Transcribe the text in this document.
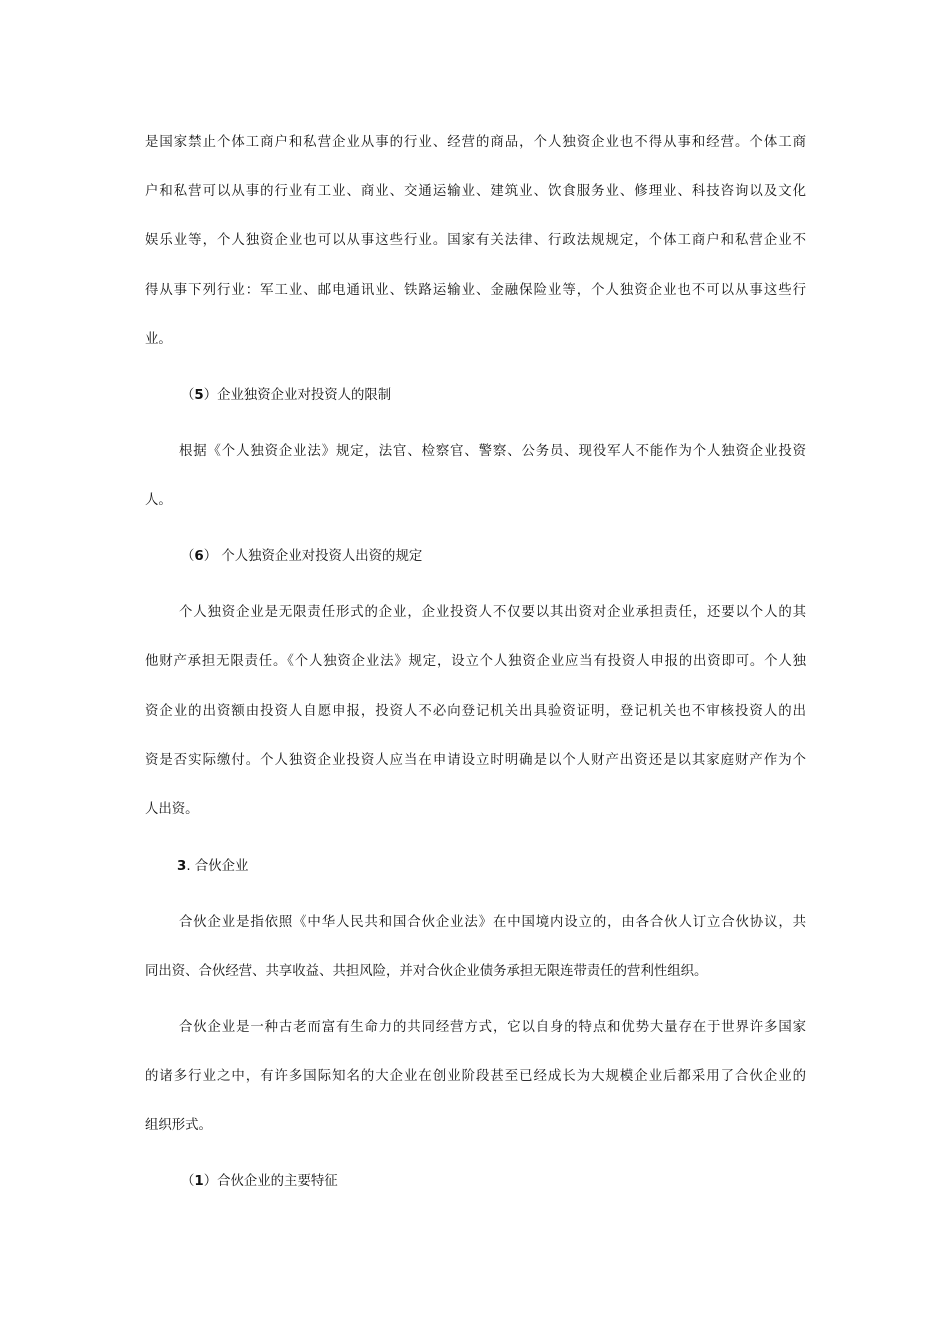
是国家禁止个体工商户和私营企业从事的行业、经营的商品，个人独资企业也不得从事和经营。个体工商
户和私营可以从事的行业有工业、商业、交通运输业、建筑业、饮食服务业、修理业、科技咨询以及文化
娱乐业等，个人独资企业也可以从事这些行业。国家有关法律、行政法规规定，个体工商户和私营企业不
得从事下列行业：军工业、邮电通讯业、铁路运输业、金融保险业等，个人独资企业也不可以从事这些行
业。
（5）企业独资企业对投资人的限制
根据《个人独资企业法》规定，法官、检察官、警察、公务员、现役军人不能作为个人独资企业投资
人。
（6） 个人独资企业对投资人出资的规定
个人独资企业是无限责任形式的企业，企业投资人不仅要以其出资对企业承担责任，还要以个人的其
他财产承担无限责任。《个人独资企业法》规定，设立个人独资企业应当有投资人申报的出资即可。个人独
资企业的出资额由投资人自愿申报，投资人不必向登记机关出具验资证明，登记机关也不审核投资人的出
资是否实际缴付。个人独资企业投资人应当在申请设立时明确是以个人财产出资还是以其家庭财产作为个
人出资。
3. 合伙企业
合伙企业是指依照《中华人民共和国合伙企业法》在中国境内设立的，由各合伙人订立合伙协议，共
同出资、合伙经营、共享收益、共担风险，并对合伙企业债务承担无限连带责任的营利性组织。
合伙企业是一种古老而富有生命力的共同经营方式，它以自身的特点和优势大量存在于世界许多国家
的诸多行业之中，有许多国际知名的大企业在创业阶段甚至已经成长为大规模企业后都采用了合伙企业的
组织形式。
（1）合伙企业的主要特征
